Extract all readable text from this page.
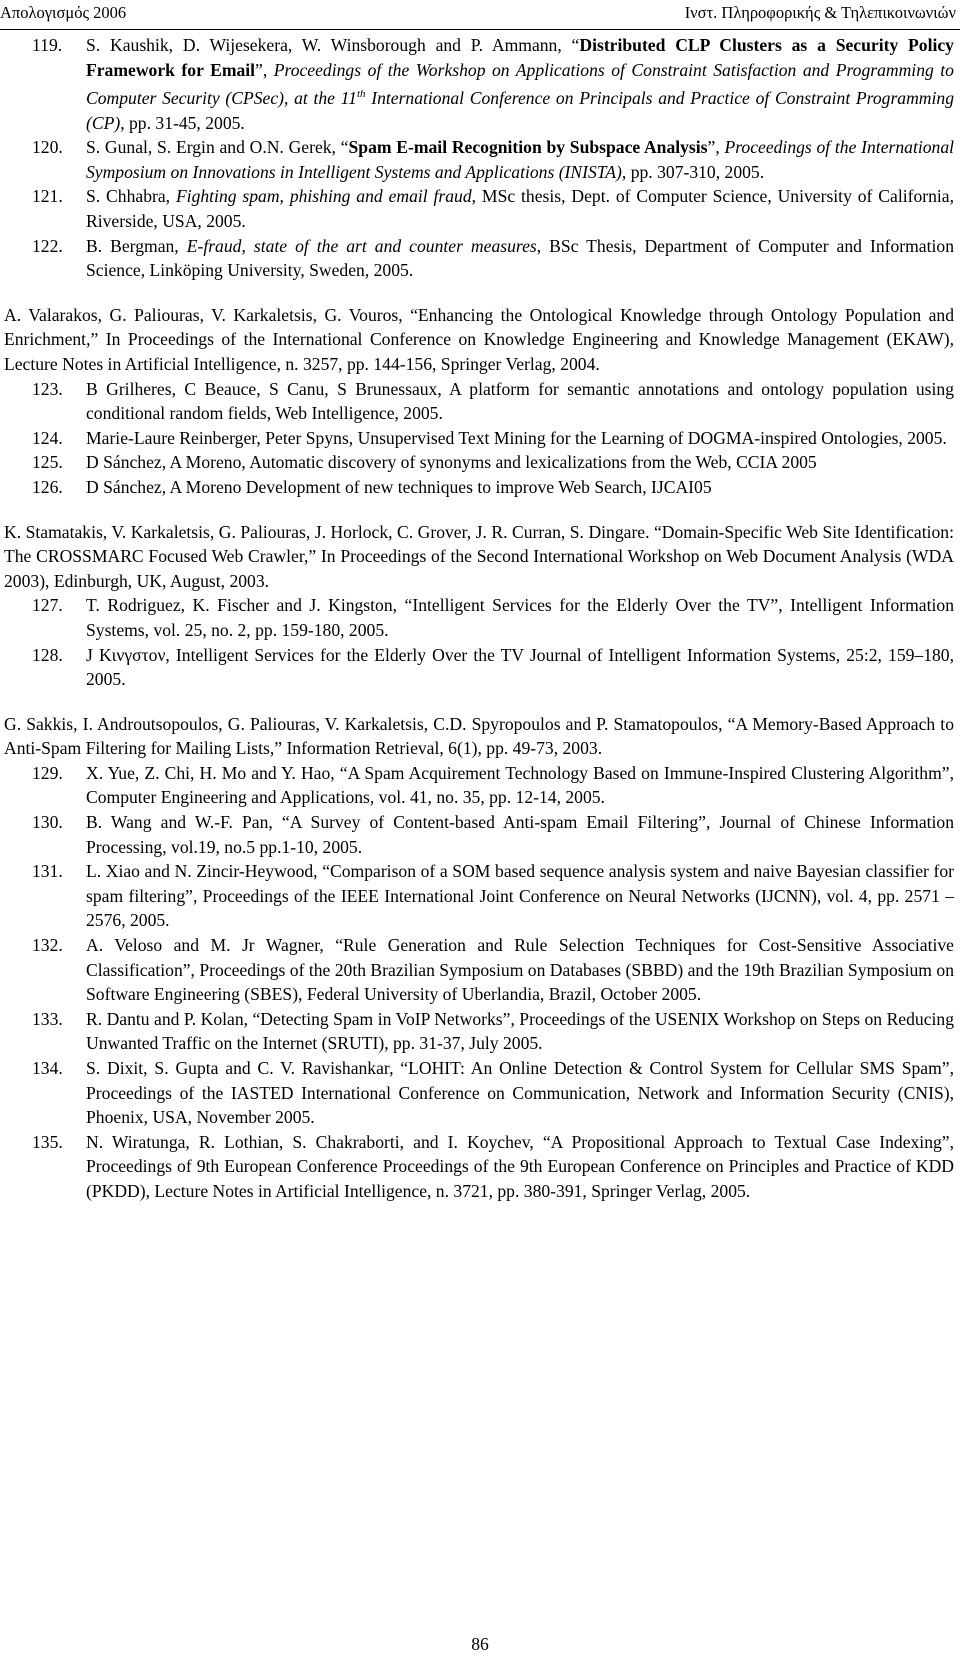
Απολογισμός 2006	Ινστ. Πληροφορικής & Τηλεπικοινωνιών

119.	S. Kaushik, D. Wijesekera, W. Winsborough and P. Ammann, “Distributed CLP Clusters as a Security Policy Framework for Email”, Proceedings of the Workshop on Applications of Constraint Satisfaction and Programming to Computer Security (CPSec), at the 11th International Conference on Principals and Practice of Constraint Programming (CP), pp. 31-45, 2005.

120.	S. Gunal, S. Ergin and O.N. Gerek, “Spam E-mail Recognition by Subspace Analysis”, Proceedings of the International Symposium on Innovations in Intelligent Systems and Applications (INISTA), pp. 307-310, 2005.

121.	S. Chhabra, Fighting spam, phishing and email fraud, MSc thesis, Dept. of Computer Science, University of California, Riverside, USA, 2005.

122.	B. Bergman, E-fraud, state of the art and counter measures, BSc Thesis, Department of Computer and Information Science, Linköping University, Sweden, 2005.

A. Valarakos, G. Paliouras, V. Karkaletsis, G. Vouros, “Enhancing the Ontological Knowledge through Ontology Population and Enrichment,” In Proceedings of the International Conference on Knowledge Engineering and Knowledge Management (EKAW), Lecture Notes in Artificial Intelligence, n. 3257, pp. 144-156, Springer Verlag, 2004.

123.	B Grilheres, C Beauce, S Canu, S Brunessaux, A platform for semantic annotations and ontology population using conditional random fields, Web Intelligence, 2005.

124.	Marie-Laure Reinberger, Peter Spyns, Unsupervised Text Mining for the Learning of DOGMA-inspired Ontologies, 2005.

125.	D Sánchez, A Moreno, Automatic discovery of synonyms and lexicalizations from the Web, CCIA 2005

126.	D Sánchez, A Moreno Development of new techniques to improve Web Search, IJCAI05

K. Stamatakis, V. Karkaletsis, G. Paliouras, J. Horlock, C. Grover, J. R. Curran, S. Dingare. “Domain-Specific Web Site Identification: The CROSSMARC Focused Web Crawler,” In Proceedings of the Second International Workshop on Web Document Analysis (WDA 2003), Edinburgh, UK, August, 2003.

127.	T. Rodriguez, K. Fischer and J. Kingston, “Intelligent Services for the Elderly Over the TV”, Intelligent Information Systems, vol. 25, no. 2, pp. 159-180, 2005.

128.	J Κινγστον, Intelligent Services for the Elderly Over the TV Journal of Intelligent Information Systems, 25:2, 159–180, 2005.

G. Sakkis, I. Androutsopoulos, G. Paliouras, V. Karkaletsis, C.D. Spyropoulos and P. Stamatopoulos, “A Memory-Based Approach to Anti-Spam Filtering for Mailing Lists,” Information Retrieval, 6(1), pp. 49-73, 2003.

129.	X. Yue, Z. Chi, H. Mo and Y. Hao, “A Spam Acquirement Technology Based on Immune-Inspired Clustering Algorithm”, Computer Engineering and Applications, vol. 41, no. 35, pp. 12-14, 2005.

130.	B. Wang and W.-F. Pan, “A Survey of Content-based Anti-spam Email Filtering”, Journal of Chinese Information Processing, vol.19, no.5 pp.1-10, 2005.

131.	L. Xiao and N. Zincir-Heywood, “Comparison of a SOM based sequence analysis system and naive Bayesian classifier for spam filtering”, Proceedings of the IEEE International Joint Conference on Neural Networks (IJCNN), vol. 4, pp. 2571 – 2576, 2005.

132.	A. Veloso and M. Jr Wagner, “Rule Generation and Rule Selection Techniques for Cost-Sensitive Associative Classification”, Proceedings of the 20th Brazilian Symposium on Databases (SBBD) and the 19th Brazilian Symposium on Software Engineering (SBES), Federal University of Uberlandia, Brazil, October 2005.

133.	R. Dantu and P. Kolan, “Detecting Spam in VoIP Networks”, Proceedings of the USENIX Workshop on Steps on Reducing Unwanted Traffic on the Internet (SRUTI), pp. 31-37, July 2005.

134.	S. Dixit, S. Gupta and C. V. Ravishankar, “LOHIT: An Online Detection & Control System for Cellular SMS Spam”, Proceedings of the IASTED International Conference on Communication, Network and Information Security (CNIS), Phoenix, USA, November 2005.

135.	N. Wiratunga, R. Lothian, S. Chakraborti, and I. Koychev, “A Propositional Approach to Textual Case Indexing”, Proceedings of 9th European Conference Proceedings of the 9th European Conference on Principles and Practice of KDD (PKDD), Lecture Notes in Artificial Intelligence, n. 3721, pp. 380-391, Springer Verlag, 2005.

86
